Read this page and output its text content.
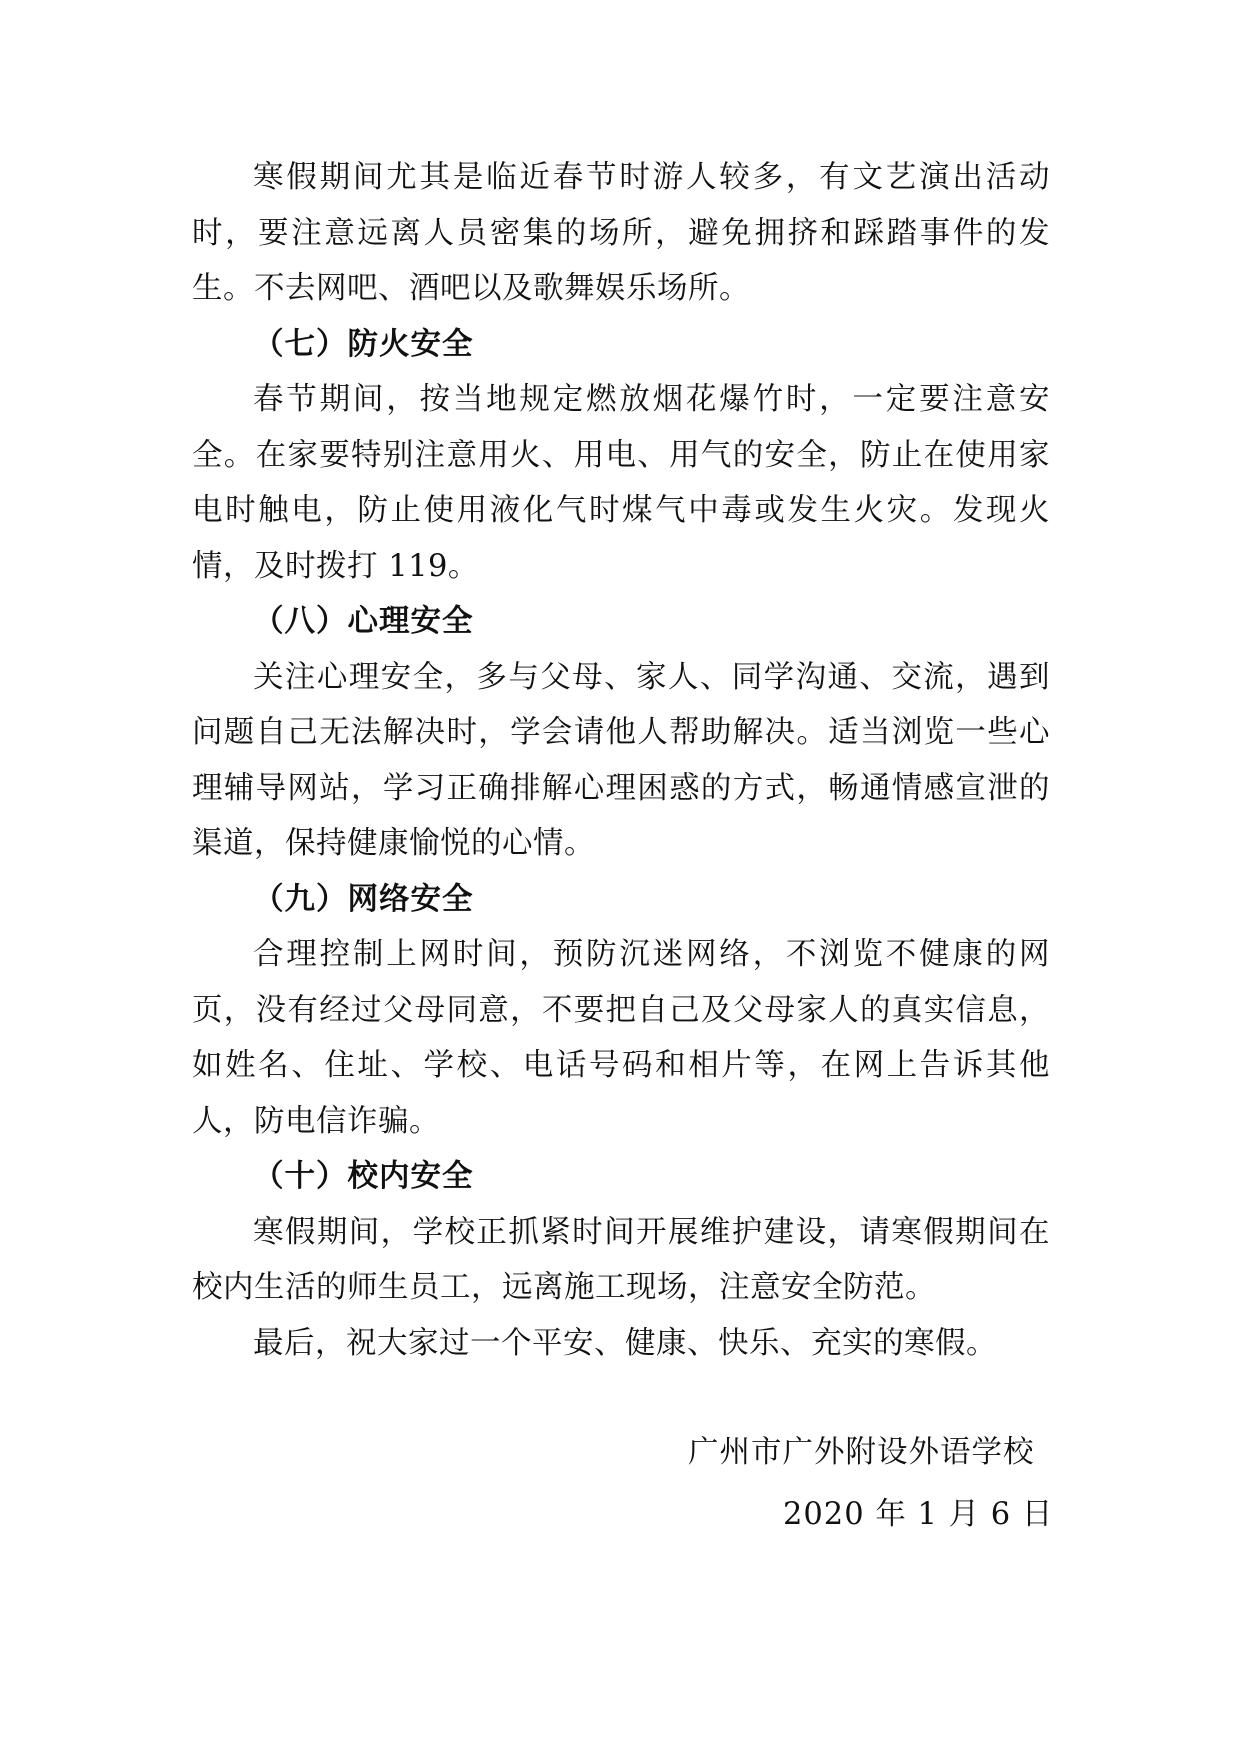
寒假期间尤其是临近春节时游人较多，有文艺演出活动时，要注意远离人员密集的场所，避免拥挤和踩踏事件的发生。不去网吧、酒吧以及歌舞娱乐场所。

（七）防火安全

春节期间，按当地规定燃放烟花爆竹时，一定要注意安全。在家要特别注意用火、用电、用气的安全，防止在使用家电时触电，防止使用液化气时煤气中毒或发生火灾。发现火情，及时拨打 119。

（八）心理安全

关注心理安全，多与父母、家人、同学沟通、交流，遇到问题自己无法解决时，学会请他人帮助解决。适当浏览一些心理辅导网站，学习正确排解心理困惑的方式，畅通情感宣泄的渠道，保持健康愉悦的心情。

（九）网络安全

合理控制上网时间，预防沉迷网络，不浏览不健康的网页，没有经过父母同意，不要把自己及父母家人的真实信息，如姓名、住址、学校、电话号码和相片等，在网上告诉其他人，防电信诈骗。

（十）校内安全

寒假期间，学校正抓紧时间开展维护建设，请寒假期间在校内生活的师生员工，远离施工现场，注意安全防范。

最后，祝大家过一个平安、健康、快乐、充实的寒假。

广州市广外附设外语学校
2020 年 1 月 6 日
